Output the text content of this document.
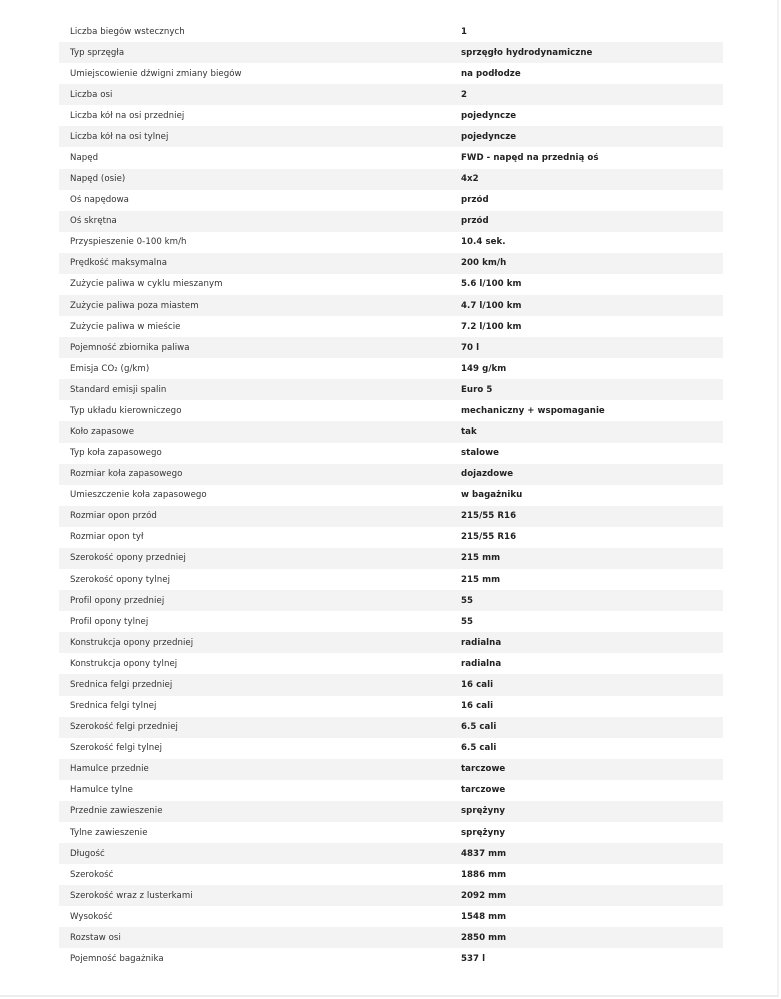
Liczba biegów wstecznych	1
Typ sprzęgła	sprzęgło hydrodynamiczne
Umiejscowienie dźwigni zmiany biegów	na podłodze
Liczba osi	2
Liczba kół na osi przedniej	pojedyncze
Liczba kół na osi tylnej	pojedyncze
Napęd	FWD - napęd na przednią oś
Napęd (osie)	4x2
Oś napędowa	przód
Oś skrętna	przód
Przyspieszenie 0-100 km/h	10.4 sek.
Prędkość maksymalna	200 km/h
Zużycie paliwa w cyklu mieszanym	5.6 l/100 km
Zużycie paliwa poza miastem	4.7 l/100 km
Zużycie paliwa w mieście	7.2 l/100 km
Pojemność zbiornika paliwa	70 l
Emisja CO₂ (g/km)	149 g/km
Standard emisji spalin	Euro 5
Typ układu kierowniczego	mechaniczny + wspomaganie
Koło zapasowe	tak
Typ koła zapasowego	stalowe
Rozmiar koła zapasowego	dojazdowe
Umieszczenie koła zapasowego	w bagażniku
Rozmiar opon przód	215/55 R16
Rozmiar opon tył	215/55 R16
Szerokość opony przedniej	215 mm
Szerokość opony tylnej	215 mm
Profil opony przedniej	55
Profil opony tylnej	55
Konstrukcja opony przedniej	radialna
Konstrukcja opony tylnej	radialna
Średnica felgi przedniej	16 cali
Średnica felgi tylnej	16 cali
Szerokość felgi przedniej	6.5 cali
Szerokość felgi tylnej	6.5 cali
Hamulce przednie	tarczowe
Hamulce tylne	tarczowe
Przednie zawieszenie	sprężyny
Tylne zawieszenie	sprężyny
Długość	4837 mm
Szerokość	1886 mm
Szerokość wraz z lusterkami	2092 mm
Wysokość	1548 mm
Rozstaw osi	2850 mm
Pojemność bagażnika	537 l
